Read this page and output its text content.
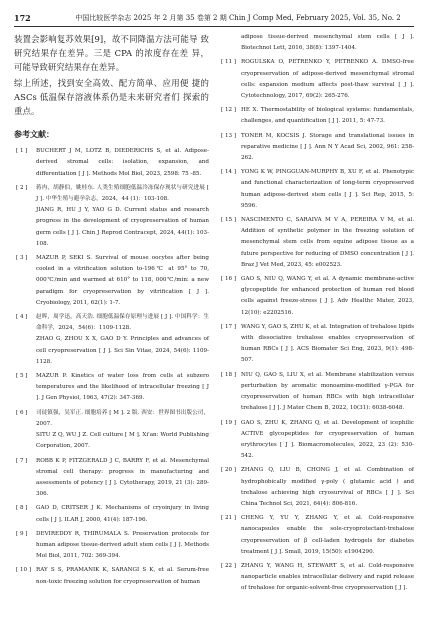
172	中国比较医学杂志 2025 年 2 月第 35 卷第 2 期 Chin J Comp Med, February 2025, Vol. 35, No. 2

装置会影响复苏效果[9]，故不同降温方法可能导 致研究结果存在差异。三是 CPA 的浓度存在差 异，可能导致研究结果存在差异。

综上所述，找到安全高效、配方简单、应用便 捷的 ASCs 低温保存溶液体系仍是未来研究者们 探索的重点。

参考文献：
[ 1 ]	BUCHERT J M, LOTZ B, DIEDERICHS S, et al. Adipose-derived stromal cells: isolation, expansion, and differentiation [ J ]. Methods Mol Biol, 2023, 2598: 75 -85.
[ 2 ]	蒋冉，胡静伯，姚桂东. 人类生殖细胞低温冷冻保存现状与研究进展 [ J ]. 中华生殖与避孕杂志，2024，44 (1)：103-108.
JIANG R, HU J Y, YAO G D. Current status and research progress in the development of cryopreservation of human germ cells [ J ]. Chin J Reprod Contracept, 2024, 44(1): 103-108.
[ 3 ]	MAZUR P, SEKI S. Survival of mouse oocytes after being cooled in a vitrification solution to-196℃ at 95° to 70, 000℃/min and warmed at 610° to 118, 000℃/min: a new paradigm for cryopreservation by vitrification [ J ]. Cryobiology, 2011, 62(1): 1-7.
[ 4 ]	赵晖，周学迅，高天浩. 细胞低温保存原理与进展 [ J ]. 中国科学：生命科学，2024，54(6)：1109-1128.
ZHAO G, ZHOU X X, GAO D Y. Principles and advances of cell cryopreservation [ J ]. Sci Sin Vitae, 2024, 54(6): 1109-1128.
[ 5 ]	MAZUR P. Kinetics of water loss from cells at subzero temperatures and the likelihood of intracellular freezing [ J ]. J Gen Physiol, 1963, 47(2): 347-369.
[ 6 ]	司徒镇强，吴军正. 细胞培养 [ M ]. 2 版. 西安：世界图书出版公司，2007.
SITU Z Q, WU J Z. Cell culture [ M ]. Xi'an: World Publishing Corporation, 2007.
[ 7 ]	ROBB K P, FITZGERALD J C, BARRY F, et al. Mesenchymal stromal cell therapy: progress in manufacturing and assessments of potency [ J ]. Cytotherapy, 2019, 21 (3): 289-306.
[ 8 ]	GAO D, CRITSER J K. Mechanisms of cryoinjury in living cells [ J ]. ILAR J, 2000, 41(4): 187-196.
[ 9 ]	DEVIREDDY R, THIRUMALA S. Preservation protocols for human adipose tissue-derived adult stem cells [ J ]. Methods Mol Biol, 2011, 702: 369-394.
[ 10 ] RAY S S, PRAMANIK K, SARANGI S K, et al. Serum-free non-toxic freezing solution for cryopreservation of human
adipose tissue-derived mesenchymal stem cells [ J ]. Biotechnol Lett, 2016, 38(8): 1397-1404.
[ 11 ] ROGULSKA O, PETRENKO Y, PETRENKO A. DMSO-free cryopreservation of adipose-derived mesenchymal stromal cells: expansion medium affects post-thaw survival [ J ]. Cytotechnology, 2017, 69(2): 265-276.
[ 12 ] HE X. Thermostability of biological systems: fundamentals, challenges, and quantification [ J ]. 2011, 5: 47-73.
[ 13 ] TONER M, KOCSIS J. Storage and translational issues in reparative medicine [ J ]. Ann N Y Acad Sci, 2002, 961: 258-262.
[ 14 ] YONG K W, PINGGUAN-MURPHY B, XU F, et al. Phenotypic and functional characterization of long-term cryopreserved human adipose-derived stem cells [ J ]. Sci Rep, 2015, 5: 9596.
[ 15 ] NASCIMENTO C, SARAIVA M V A, PEREIRA V M, et al. Addition of synthetic polymer in the freezing solution of mesenchymal stem cells from equine adipose tissue as a future perspective for reducing of DMSO concentration [ J ]. Braz J Vet Med, 2023, 45: e002523.
[ 16 ] GAO S, NIU Q, WANG Y, et al. A dynamic membrane-active glycopeptide for enhanced protection of human red blood cells against freeze-stress [ J ]. Adv Healthc Mater, 2023, 12(10): e2202516.
[ 17 ] WANG Y, GAO S, ZHU K, et al. Integration of trehalose lipids with dissociative trehalose enables cryopreservation of human RBCs [ J ]. ACS Biomater Sci Eng, 2023, 9(1): 498-507.
[ 18 ] NIU Q, GAO S, LIU X, et al. Membrane stabilization versus perturbation by aromatic monoamine-modified γ-PGA for cryopreservation of human RBCs with high intracellular trehalose [ J ]. J Mater Chem B, 2022, 10(31): 6038-6048.
[ 19 ] GAO S, ZHU K, ZHANG Q, et al. Development of icephilic ACTIVE glycopeptides for cryopreservation of human erythrocytes [ J ]. Biomacromolecules, 2022, 23 (2): 530-542.
[ 20 ] ZHANG Q, LIU B, CHONG J, et al. Combination of hydrophobically modified γ-poly ( glutamic acid ) and trehalose achieving high cryosurvival of RBCs [ J ]. Sci China Technol Sci, 2021, 64(4): 806-816.
[ 21 ] CHENG Y, YU Y, ZHANG Y, et al. Cold-responsive nanocapsules enable the sole-cryoprotectant-trehalose cryopreservation of β cell-laden hydrogels for diabetes treatment [ J ]. Small, 2019, 15(50): e1904290.
[ 22 ] ZHANG Y, WANG H, STEWART S, et al. Cold-responsive nanoparticle enables intracellular delivery and rapid release of trehalose for organic-solvent-free cryopreservation [ J ].
